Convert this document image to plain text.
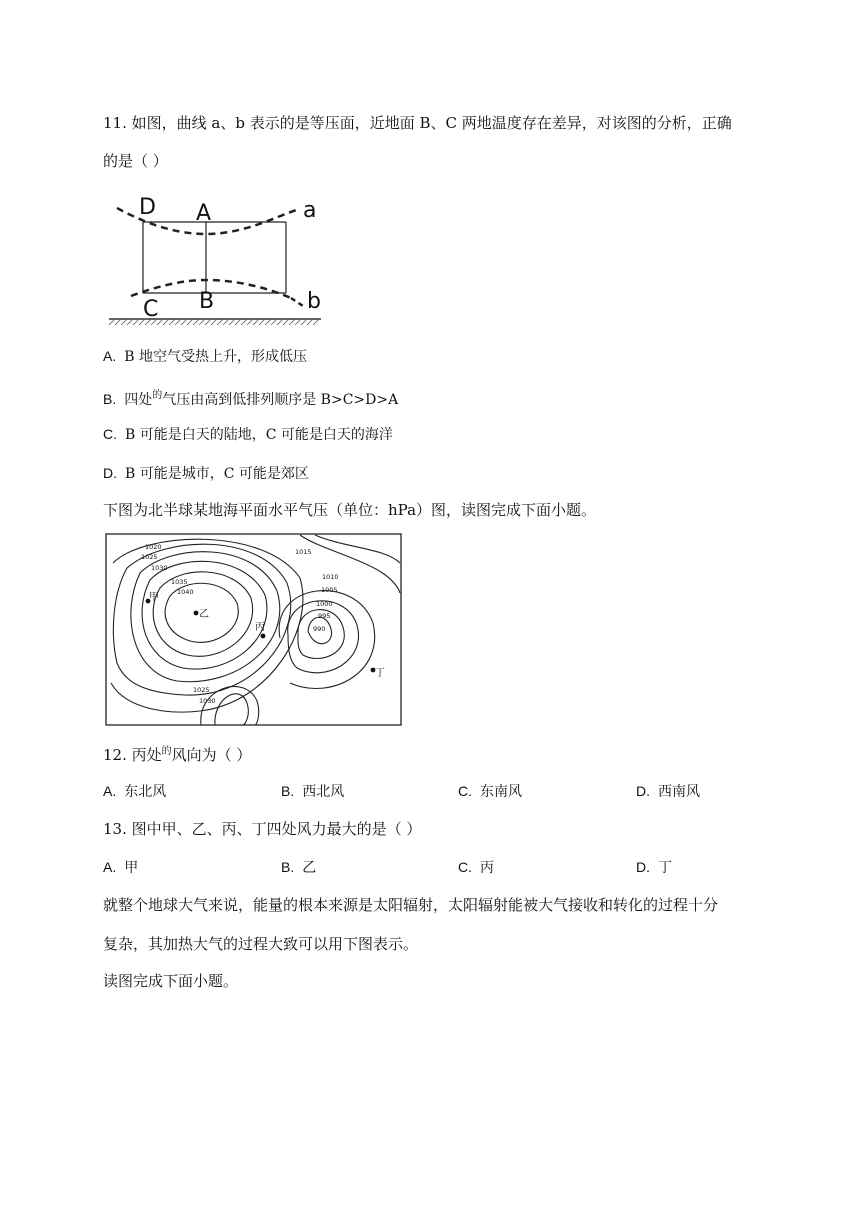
11. 如图，曲线 a、b 表示的是等压面，近地面 B、C 两地温度存在差异，对该图的分析，正确
的是（ ）
D A	a
C B	b
A. B 地空气受热上升，形成低压
B. 四处$^的$气压由高到低排列顺序是 B>C>D>A
C. B 可能是白天的陆地，C 可能是白天的海洋
D. B 可能是城市，C 可能是郊区
下图为北半球某地海平面水平气压（单位：hPa）图，读图完成下面小题。
1020
1025
1030
1035
1040
1015
1010
1005
1000
995
990
1025
1030
甲
乙
丙
丁
12. 丙处$^的$风向为（ ）
A. 东北风	B. 西北风	C. 东南风	D. 西南风
13. 图中甲、乙、丙、丁四处风力最大的是（ ）
A. 甲	B. 乙	C. 丙	D. 丁
就整个地球大气来说，能量的根本来源是太阳辐射，太阳辐射能被大气接收和转化的过程十分
复杂，其加热大气的过程大致可以用下图表示。
读图完成下面小题。
